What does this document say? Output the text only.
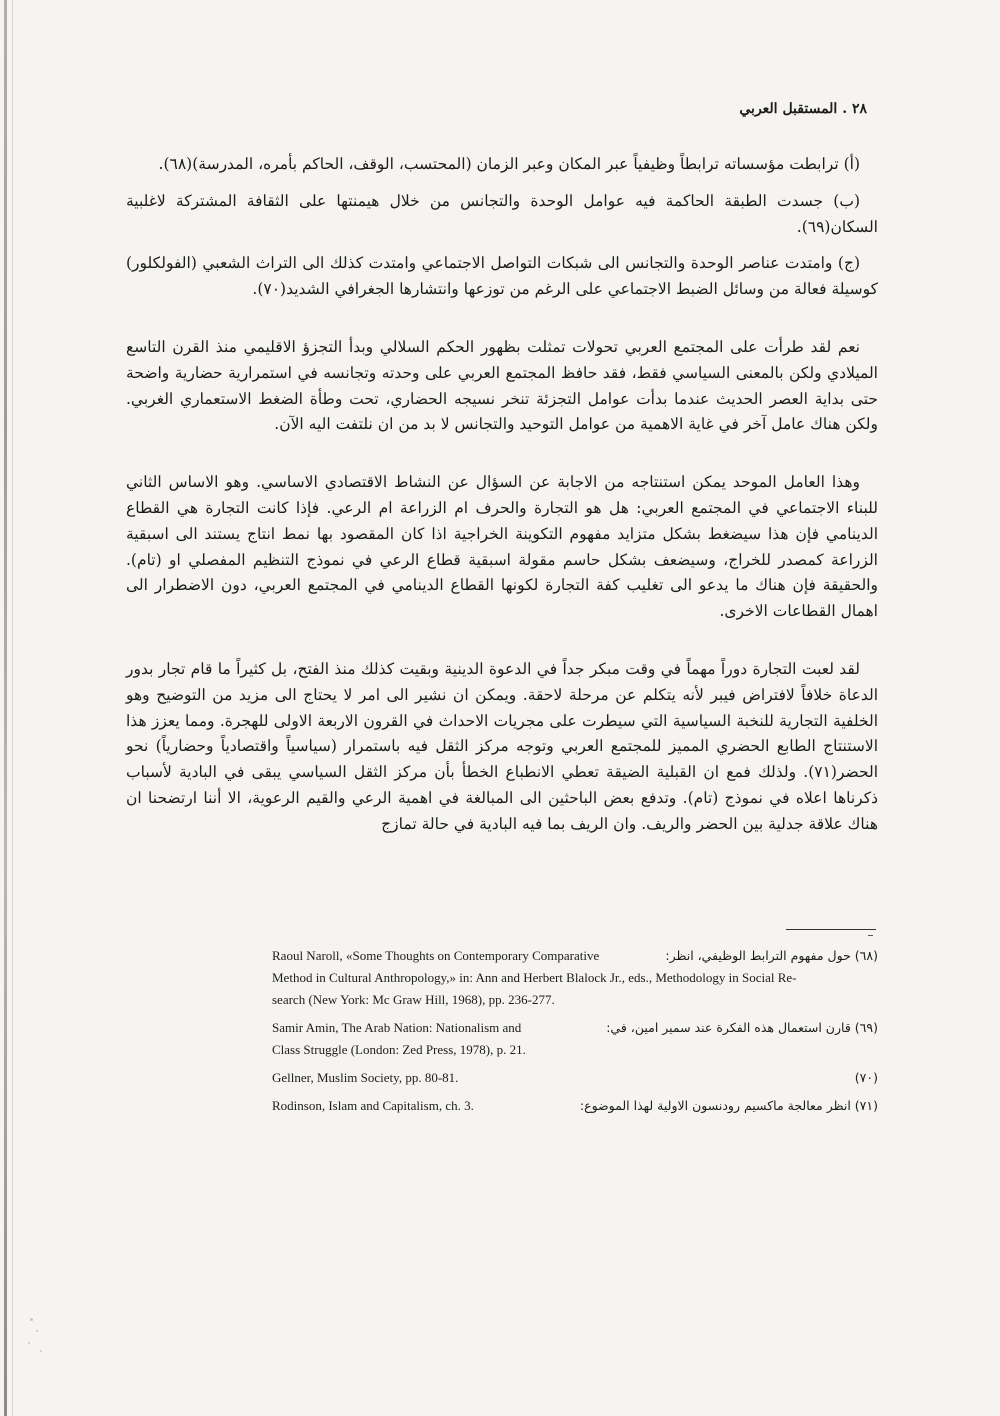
٢٨ . المستقبل العربي

(أ) ترابطت مؤسساته ترابطاً وظيفياً عبر المكان وعبر الزمان (المحتسب، الوقف، الحاكم بأمره، المدرسة)(٦٨).

(ب) جسدت الطبقة الحاكمة فيه عوامل الوحدة والتجانس من خلال هيمنتها على الثقافة المشتركة لاغلبية السكان(٦٩).

(ج) وامتدت عناصر الوحدة والتجانس الى شبكات التواصل الاجتماعي وامتدت كذلك الى التراث الشعبي (الفولكلور) كوسيلة فعالة من وسائل الضبط الاجتماعي على الرغم من توزعها وانتشارها الجغرافي الشديد(٧٠).

نعم لقد طرأت على المجتمع العربي تحولات تمثلت بظهور الحكم السلالي وبدأ التجزؤ الاقليمي منذ القرن التاسع الميلادي ولكن بالمعنى السياسي فقط، فقد حافظ المجتمع العربي على وحدته وتجانسه في استمرارية حضارية واضحة حتى بداية العصر الحديث عندما بدأت عوامل التجزئة تنخر نسيجه الحضاري، تحت وطأة الضغط الاستعماري الغربي. ولكن هناك عامل آخر في غاية الاهمية من عوامل التوحيد والتجانس لا بد من ان نلتفت اليه الآن.

وهذا العامل الموحد يمكن استنتاجه من الاجابة عن السؤال عن النشاط الاقتصادي الاساسي. وهو الاساس الثاني للبناء الاجتماعي في المجتمع العربي: هل هو التجارة والحرف ام الزراعة ام الرعي. فإذا كانت التجارة هي القطاع الدينامي فإن هذا سيضغط بشكل متزايد مفهوم التكوينة الخراجية اذا كان المقصود بها نمط انتاج يستند الى اسبقية الزراعة كمصدر للخراج، وسيضعف بشكل حاسم مقولة اسبقية قطاع الرعي في نموذج التنظيم المفصلي او (تام). والحقيقة فإن هناك ما يدعو الى تغليب كفة التجارة لكونها القطاع الدينامي في المجتمع العربي، دون الاضطرار الى اهمال القطاعات الاخرى.

لقد لعبت التجارة دوراً مهماً في وقت مبكر جداً في الدعوة الدينية وبقيت كذلك منذ الفتح، بل كثيراً ما قام تجار بدور الدعاة خلافاً لافتراض فيبر لأنه يتكلم عن مرحلة لاحقة. ويمكن ان نشير الى امر لا يحتاج الى مزيد من التوضيح وهو الخلفية التجارية للنخبة السياسية التي سيطرت على مجريات الاحداث في القرون الاربعة الاولى للهجرة. ومما يعزز هذا الاستنتاج الطابع الحضري المميز للمجتمع العربي وتوجه مركز الثقل فيه باستمرار (سياسياً واقتصادياً وحضارياً) نحو الحضر(٧١). ولذلك فمع ان القبلية الضيقة تعطي الانطباع الخطأ بأن مركز الثقل السياسي يبقى في البادية لأسباب ذكرناها اعلاه في نموذج (تام). وتدفع بعض الباحثين الى المبالغة في اهمية الرعي والقيم الرعوية، الا أننا ارتضحنا ان هناك علاقة جدلية بين الحضر والريف. وان الريف بما فيه البادية في حالة تمازج

Raoul Naroll, «Some Thoughts on Contemporary Comparative	(٦٨) حول مفهوم الترابط الوظيفي، انظر:
Method in Cultural Anthropology,» in: Ann and Herbert Blalock Jr., eds., Methodology in Social Re-
search (New York: Mc Graw Hill, 1968), pp. 236-277.
Samir Amin, The Arab Nation: Nationalism and	(٦٩) قارن استعمال هذه الفكرة عند سمير امين، في:
Class Struggle (London: Zed Press, 1978), p. 21.
Gellner, Muslim Society, pp. 80-81.	(٧٠)
Rodinson, Islam and Capitalism, ch. 3.	(٧١) انظر معالجة ماكسيم رودنسون الاولية لهذا الموضوع:
